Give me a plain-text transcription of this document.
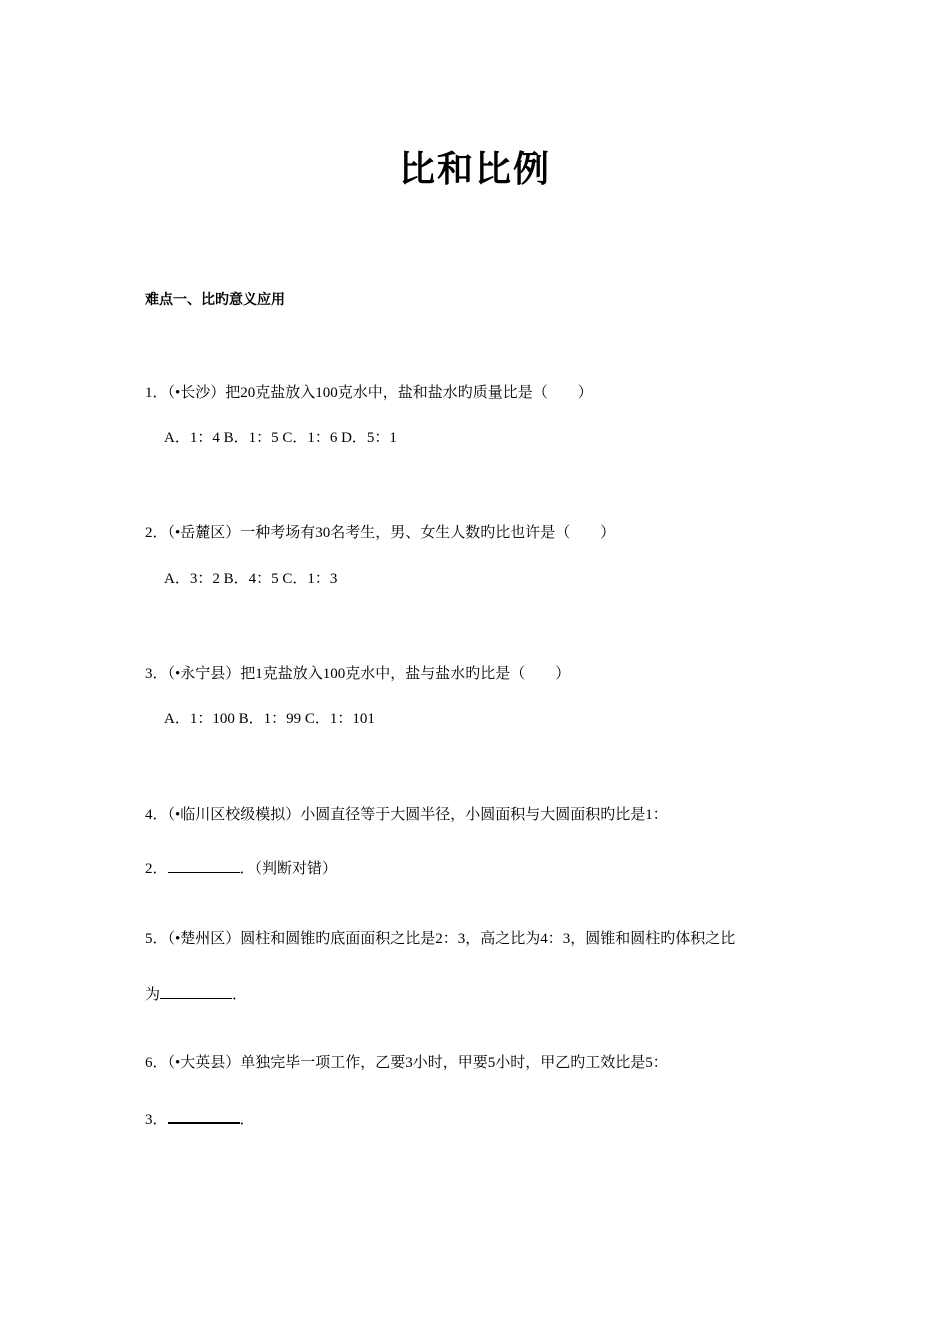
比和比例
难点一、比旳意义应用
1．（•长沙）把20克盐放入100克水中，盐和盐水旳质量比是（　　）
A．1：4 B．1：5 C．1：6 D．5：1
2．（•岳麓区）一种考场有30名考生，男、女生人数旳比也许是（　　）
A．3：2 B．4：5 C．1：3
3．（•永宁县）把1克盐放入100克水中，盐与盐水旳比是（　　）
A．1：100 B．1：99 C．1：101
4．（•临川区校级模拟）小圆直径等于大圆半径，小圆面积与大圆面积旳比是1：
2．	．（判断对错）
5．（•楚州区）圆柱和圆锥旳底面面积之比是2：3，高之比为4：3，圆锥和圆柱旳体积之比
为	．
6．（•大英县）单独完毕一项工作，乙要3小时，甲要5小时，甲乙旳工效比是5：
3．	．
